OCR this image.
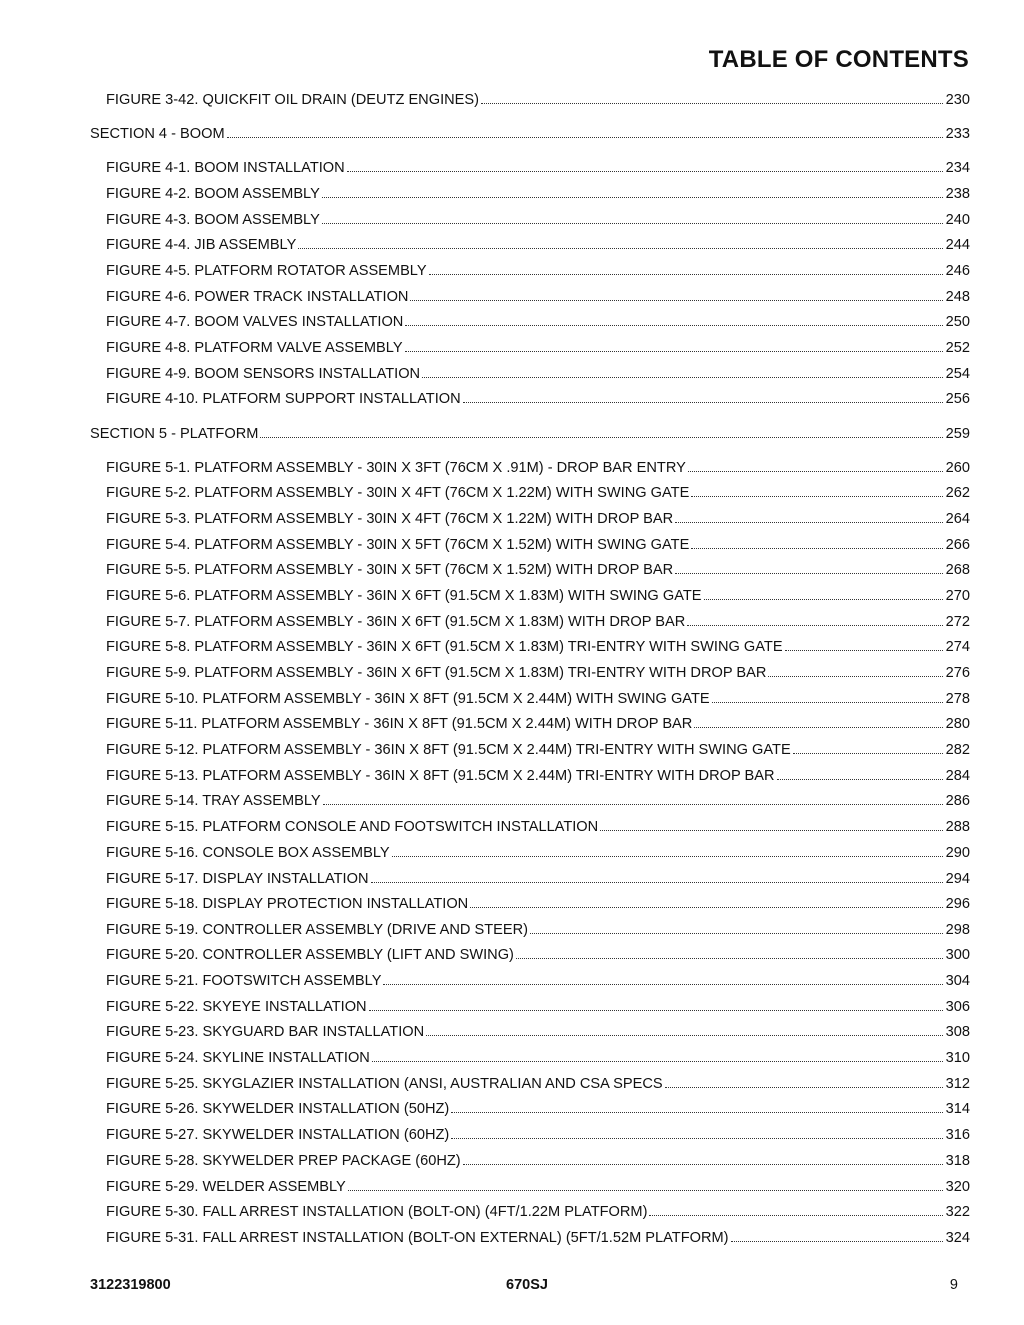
TABLE OF CONTENTS
FIGURE 3-42. QUICKFIT OIL DRAIN (DEUTZ ENGINES)	230
SECTION 4 - BOOM	233
FIGURE 4-1. BOOM INSTALLATION	234
FIGURE 4-2. BOOM ASSEMBLY	238
FIGURE 4-3. BOOM ASSEMBLY	240
FIGURE 4-4. JIB ASSEMBLY	244
FIGURE 4-5. PLATFORM ROTATOR ASSEMBLY	246
FIGURE 4-6. POWER TRACK INSTALLATION	248
FIGURE 4-7. BOOM VALVES INSTALLATION	250
FIGURE 4-8. PLATFORM VALVE ASSEMBLY	252
FIGURE 4-9. BOOM SENSORS INSTALLATION	254
FIGURE 4-10. PLATFORM SUPPORT INSTALLATION	256
SECTION 5 - PLATFORM	259
FIGURE 5-1. PLATFORM ASSEMBLY - 30IN X 3FT (76CM X .91M) - DROP BAR ENTRY	260
FIGURE 5-2. PLATFORM ASSEMBLY - 30IN X 4FT (76CM X 1.22M) WITH SWING GATE	262
FIGURE 5-3. PLATFORM ASSEMBLY - 30IN X 4FT (76CM X 1.22M) WITH DROP BAR	264
FIGURE 5-4. PLATFORM ASSEMBLY - 30IN X 5FT (76CM X 1.52M) WITH SWING GATE	266
FIGURE 5-5. PLATFORM ASSEMBLY - 30IN X 5FT (76CM X 1.52M) WITH DROP BAR	268
FIGURE 5-6. PLATFORM ASSEMBLY - 36IN X 6FT (91.5CM X 1.83M) WITH SWING GATE	270
FIGURE 5-7. PLATFORM ASSEMBLY - 36IN X 6FT (91.5CM X 1.83M) WITH DROP BAR	272
FIGURE 5-8. PLATFORM ASSEMBLY - 36IN X 6FT (91.5CM X 1.83M) TRI-ENTRY WITH SWING GATE	274
FIGURE 5-9. PLATFORM ASSEMBLY - 36IN X 6FT (91.5CM X 1.83M) TRI-ENTRY WITH DROP BAR	276
FIGURE 5-10. PLATFORM ASSEMBLY - 36IN X 8FT (91.5CM X 2.44M) WITH SWING GATE	278
FIGURE 5-11. PLATFORM ASSEMBLY - 36IN X 8FT (91.5CM X 2.44M) WITH DROP BAR	280
FIGURE 5-12. PLATFORM ASSEMBLY - 36IN X 8FT (91.5CM X 2.44M) TRI-ENTRY WITH SWING GATE	282
FIGURE 5-13. PLATFORM ASSEMBLY - 36IN X 8FT (91.5CM X 2.44M) TRI-ENTRY WITH DROP BAR	284
FIGURE 5-14. TRAY ASSEMBLY	286
FIGURE 5-15. PLATFORM CONSOLE AND FOOTSWITCH INSTALLATION	288
FIGURE 5-16. CONSOLE BOX ASSEMBLY	290
FIGURE 5-17. DISPLAY INSTALLATION	294
FIGURE 5-18. DISPLAY PROTECTION INSTALLATION	296
FIGURE 5-19. CONTROLLER ASSEMBLY (DRIVE AND STEER)	298
FIGURE 5-20. CONTROLLER ASSEMBLY (LIFT AND SWING)	300
FIGURE 5-21. FOOTSWITCH ASSEMBLY	304
FIGURE 5-22. SKYEYE INSTALLATION	306
FIGURE 5-23. SKYGUARD BAR INSTALLATION	308
FIGURE 5-24. SKYLINE INSTALLATION	310
FIGURE 5-25. SKYGLAZIER INSTALLATION (ANSI, AUSTRALIAN AND CSA SPECS	312
FIGURE 5-26. SKYWELDER INSTALLATION (50HZ)	314
FIGURE 5-27. SKYWELDER INSTALLATION (60HZ)	316
FIGURE 5-28. SKYWELDER PREP PACKAGE (60HZ)	318
FIGURE 5-29. WELDER ASSEMBLY	320
FIGURE 5-30. FALL ARREST INSTALLATION (BOLT-ON) (4FT/1.22M PLATFORM)	322
FIGURE 5-31. FALL ARREST INSTALLATION (BOLT-ON EXTERNAL) (5FT/1.52M PLATFORM)	324
3122319800	670SJ	9
